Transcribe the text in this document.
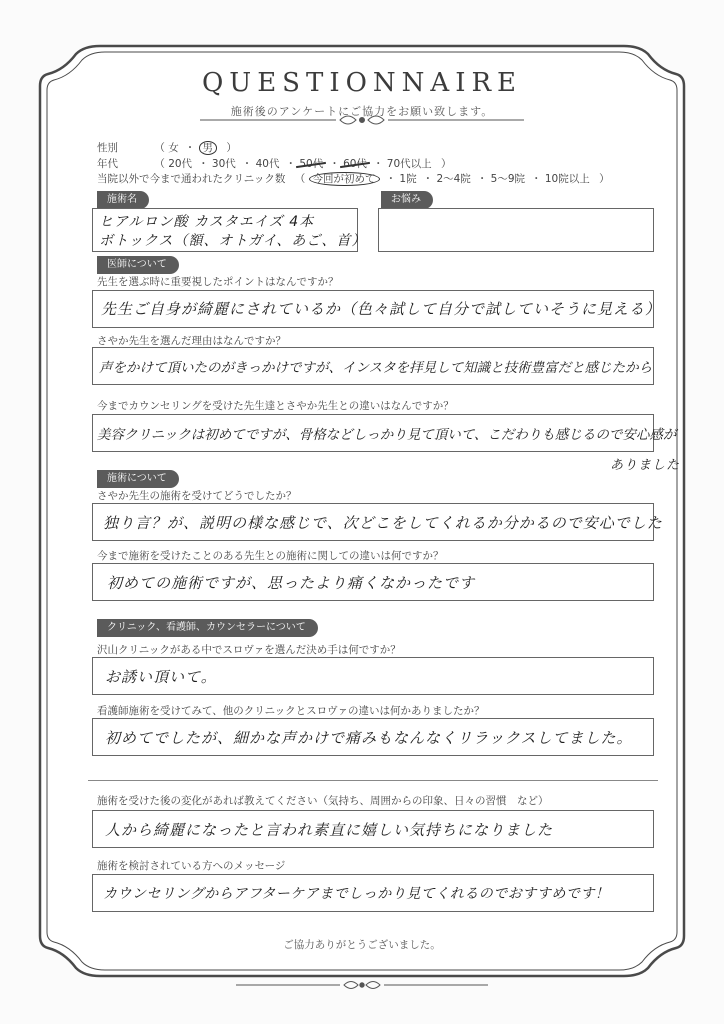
QUESTIONNAIRE
施術後のアンケートにご協力をお願い致します。
性別	（ 女 ・ 男 ）
年代	（ 20代 ・ 30代 ・ 40代 ・ 50代 ・ 60代 ・ 70代以上 ）
当院以外で今まで通われたクリニック数 （ 今回が初めて ・ 1院 ・ 2～4院 ・ 5～9院 ・ 10院以上 ）
施術名
ヒアルロン酸 カスタエイズ 4本
ボトックス（額、オトガイ、あご、首）
お悩み
医師について
先生を選ぶ時に重要視したポイントはなんですか？
先生ご自身が綺麗にされているか（色々試して自分で試していそうに見える）
さやか先生を選んだ理由はなんですか？
声をかけて頂いたのがきっかけですが、インスタを拝見して知識と技術豊富だと感じたから
今までカウンセリングを受けた先生達とさやか先生との違いはなんですか？
美容クリニックは初めてですが、骨格などしっかり見て頂いて、こだわりも感じるので安心感が
ありました
施術について
さやか先生の施術を受けてどうでしたか？
独り言？が、説明の様な感じで、次どこをしてくれるか分かるので安心でした
今まで施術を受けたことのある先生との施術に関しての違いは何ですか？
初めての施術ですが、思ったより痛くなかったです
クリニック、看護師、カウンセラーについて
沢山クリニックがある中でスロヴァを選んだ決め手は何ですか？
お誘い頂いて。
看護師施術を受けてみて、他のクリニックとスロヴァの違いは何かありましたか？
初めてでしたが、細かな声かけで痛みもなんなくリラックスしてました。
施術を受けた後の変化があれば教えてください（気持ち、周囲からの印象、日々の習慣　など）
人から綺麗になったと言われ素直に嬉しい気持ちになりました
施術を検討されている方へのメッセージ
カウンセリングからアフターケアまでしっかり見てくれるのでおすすめです！
ご協力ありがとうございました。
